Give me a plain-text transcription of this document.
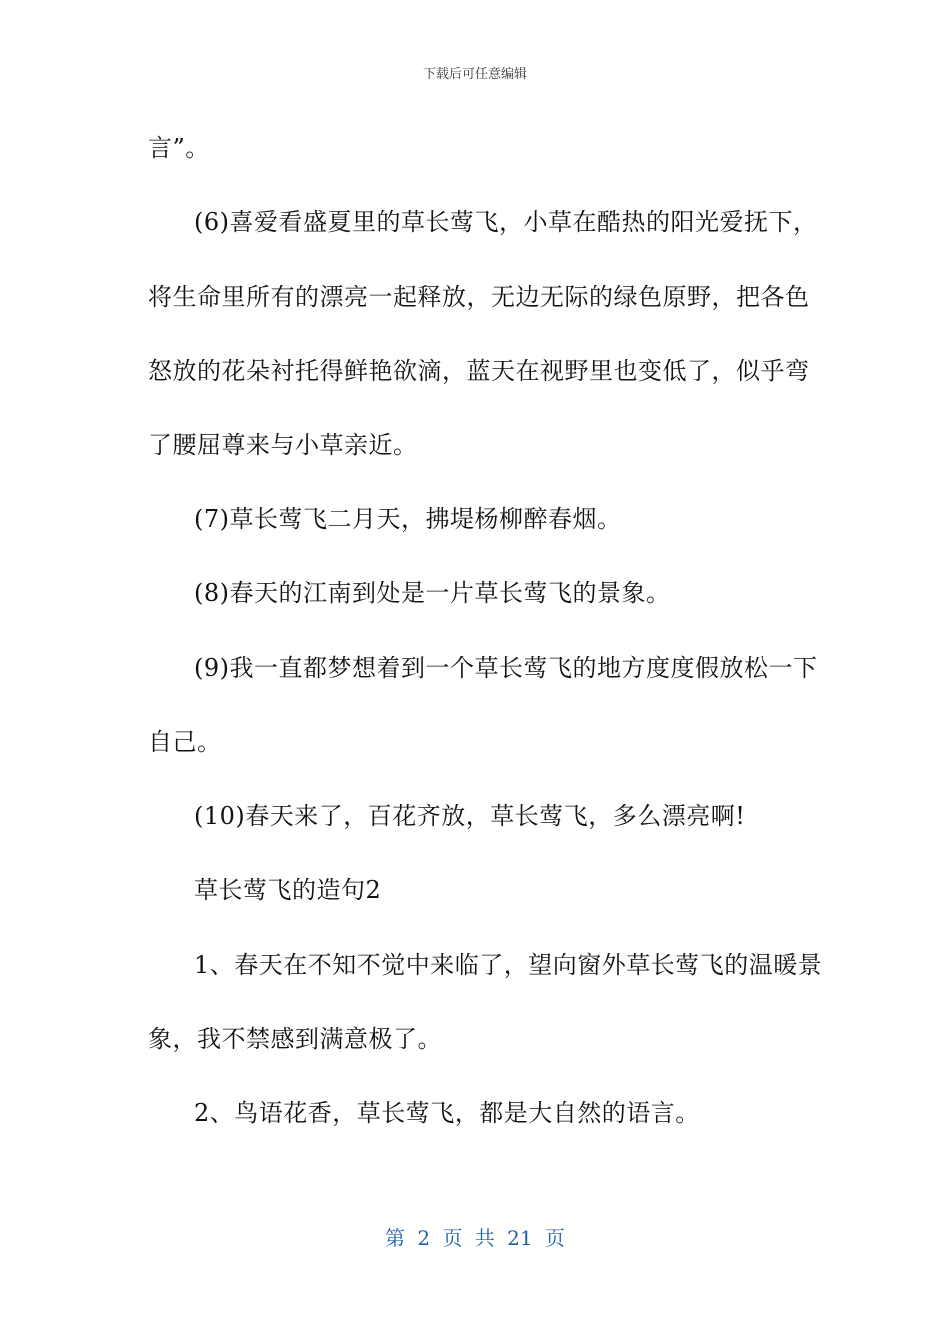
下载后可任意编辑
言”。
(6)喜爱看盛夏里的草长莺飞，小草在酷热的阳光爱抚下，
将生命里所有的漂亮一起释放，无边无际的绿色原野，把各色
怒放的花朵衬托得鲜艳欲滴，蓝天在视野里也变低了，似乎弯
了腰屈尊来与小草亲近。
(7)草长莺飞二月天，拂堤杨柳醉春烟。
(8)春天的江南到处是一片草长莺飞的景象。
(9)我一直都梦想着到一个草长莺飞的地方度度假放松一下
自己。
(10)春天来了，百花齐放，草长莺飞，多么漂亮啊!
草长莺飞的造句2
1、春天在不知不觉中来临了，望向窗外草长莺飞的温暖景
象，我不禁感到满意极了。
2、鸟语花香，草长莺飞，都是大自然的语言。
第 2 页 共 21 页
